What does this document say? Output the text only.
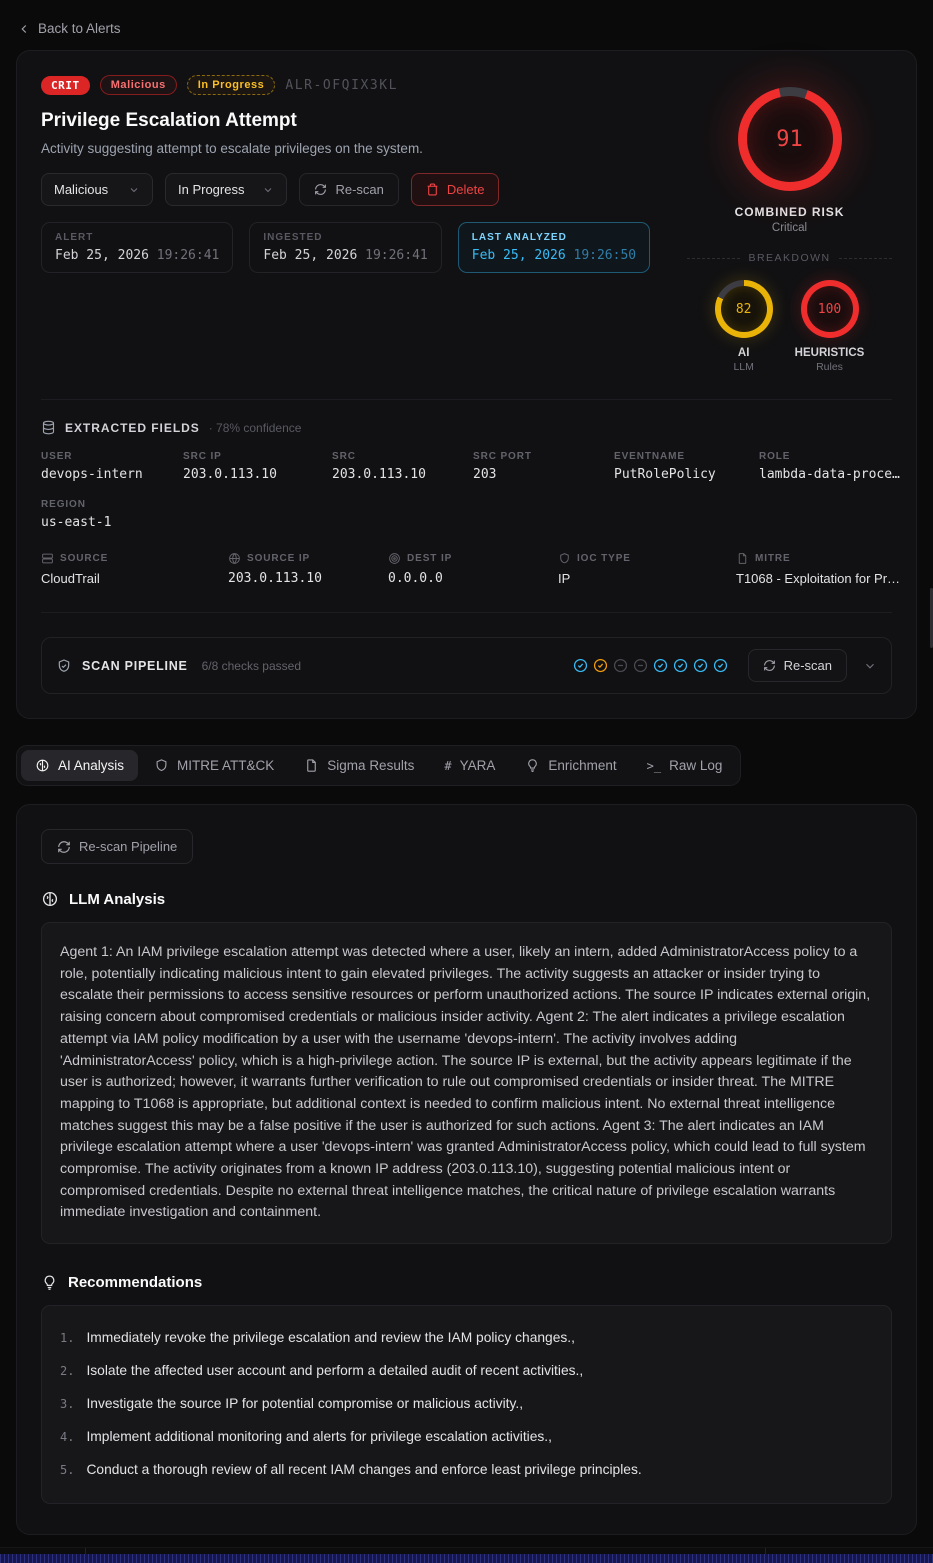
Back to Alerts
CRIT	Malicious	In Progress	ALR-OFQIX3KL
Privilege Escalation Attempt
Activity suggesting attempt to escalate privileges on the system.
Malicious	In Progress	Re-scan	Delete
ALERT
Feb 25, 2026 19:26:41
INGESTED
Feb 25, 2026 19:26:41
LAST ANALYZED
Feb 25, 2026 19:26:50
91
COMBINED RISK
Critical
BREAKDOWN
82
AI
LLM
100
HEURISTICS
Rules
EXTRACTED FIELDS · 78% confidence
USER
devops-intern
SRC IP
203.0.113.10
SRC
203.0.113.10
SRC PORT
203
EVENTNAME
PutRolePolicy
ROLE
lambda-data-proce…
REGION
us-east-1
SOURCE
CloudTrail
SOURCE IP
203.0.113.10
DEST IP
0.0.0.0
IOC TYPE
IP
MITRE
T1068 - Exploitation for Pr…
SCAN PIPELINE 6/8 checks passed	Re-scan
AI Analysis	MITRE ATT&CK	Sigma Results	# YARA	Enrichment	>_ Raw Log
Re-scan Pipeline
LLM Analysis
Agent 1: An IAM privilege escalation attempt was detected where a user, likely an intern, added AdministratorAccess policy to a role, potentially indicating malicious intent to gain elevated privileges. The activity suggests an attacker or insider trying to escalate their permissions to access sensitive resources or perform unauthorized actions. The source IP indicates external origin, raising concern about compromised credentials or malicious insider activity. Agent 2: The alert indicates a privilege escalation attempt via IAM policy modification by a user with the username 'devops-intern'. The activity involves adding 'AdministratorAccess' policy, which is a high-privilege action. The source IP is external, but the activity appears legitimate if the user is authorized; however, it warrants further verification to rule out compromised credentials or insider threat. The MITRE mapping to T1068 is appropriate, but additional context is needed to confirm malicious intent. No external threat intelligence matches suggest this may be a false positive if the user is authorized for such actions. Agent 3: The alert indicates an IAM privilege escalation attempt where a user 'devops-intern' was granted AdministratorAccess policy, which could lead to full system compromise. The activity originates from a known IP address (203.0.113.10), suggesting potential malicious intent or compromised credentials. Despite no external threat intelligence matches, the critical nature of privilege escalation warrants immediate investigation and containment.
Recommendations
1. Immediately revoke the privilege escalation and review the IAM policy changes.,
2. Isolate the affected user account and perform a detailed audit of recent activities.,
3. Investigate the source IP for potential compromise or malicious activity.,
4. Implement additional monitoring and alerts for privilege escalation activities.,
5. Conduct a thorough review of all recent IAM changes and enforce least privilege principles.
